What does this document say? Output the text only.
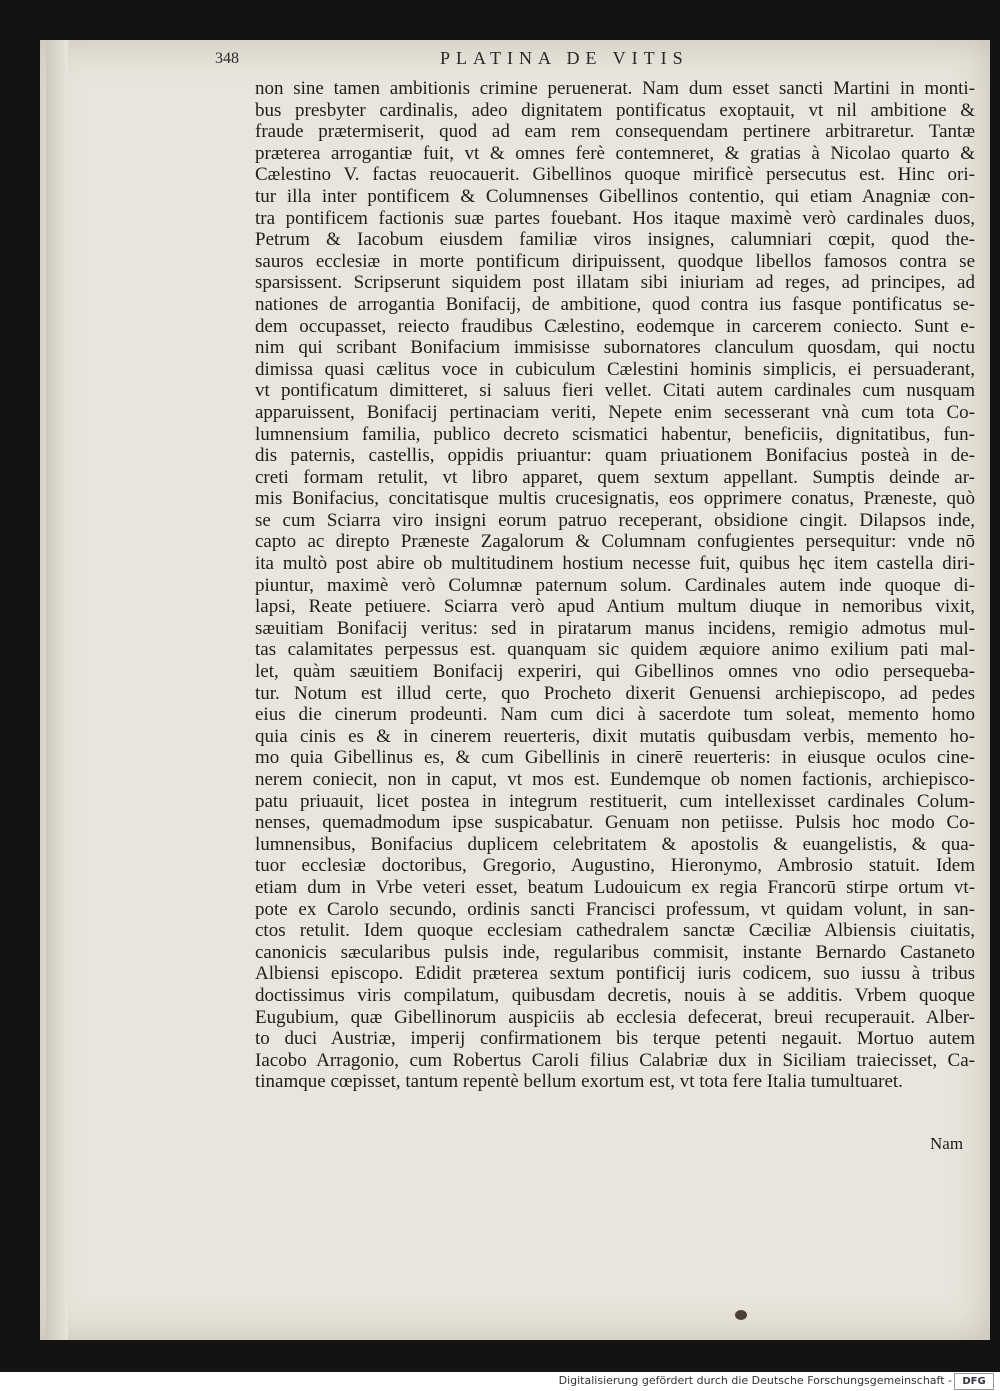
348	PLATINA DE VITIS
non sine tamen ambitionis crimine peruenerat. Nam dum esset sancti Martini in monti-
bus presbyter cardinalis, adeo dignitatem pontificatus exoptauit, vt nil ambitione &
fraude prætermiserit, quod ad eam rem consequendam pertinere arbitraretur. Tantæ
præterea arrogantiæ fuit, vt & omnes ferè contemneret, & gratias à Nicolao quarto &
Cælestino V. factas reuocauerit. Gibellinos quoque mirificè persecutus est. Hinc ori-
tur illa inter pontificem & Columnenses Gibellinos contentio, qui etiam Anagniæ con-
tra pontificem factionis suæ partes fouebant. Hos itaque maximè verò cardinales duos,
Petrum & Iacobum eiusdem familiæ viros insignes, calumniari cœpit, quod the-
sauros ecclesiæ in morte pontificum diripuissent, quodque libellos famosos contra se
sparsissent. Scripserunt siquidem post illatam sibi iniuriam ad reges, ad principes, ad
nationes de arrogantia Bonifacij, de ambitione, quod contra ius fasque pontificatus se-
dem occupasset, reiecto fraudibus Cælestino, eodemque in carcerem coniecto. Sunt e-
nim qui scribant Bonifacium immisisse subornatores clanculum quosdam, qui noctu
dimissa quasi cælitus voce in cubiculum Cælestini hominis simplicis, ei persuaderant,
vt pontificatum dimitteret, si saluus fieri vellet. Citati autem cardinales cum nusquam
apparuissent, Bonifacij pertinaciam veriti, Nepete enim secesserant vnà cum tota Co-
lumnensium familia, publico decreto scismatici habentur, beneficiis, dignitatibus, fun-
dis paternis, castellis, oppidis priuantur: quam priuationem Bonifacius posteà in de-
creti formam retulit, vt libro apparet, quem sextum appellant. Sumptis deinde ar-
mis Bonifacius, concitatisque multis crucesignatis, eos opprimere conatus, Præneste, quò
se cum Sciarra viro insigni eorum patruo receperant, obsidione cingit. Dilapsos inde,
capto ac direpto Præneste Zagalorum & Columnam confugientes persequitur: vnde nō
ita multò post abire ob multitudinem hostium necesse fuit, quibus hęc item castella diri-
piuntur, maximè verò Columnæ paternum solum. Cardinales autem inde quoque di-
lapsi, Reate petiuere. Sciarra verò apud Antium multum diuque in nemoribus vixit,
sæuitiam Bonifacij veritus: sed in piratarum manus incidens, remigio admotus mul-
tas calamitates perpessus est. quanquam sic quidem æquiore animo exilium pati mal-
let, quàm sæuitiem Bonifacij experiri, qui Gibellinos omnes vno odio persequeba-
tur. Notum est illud certe, quo Procheto dixerit Genuensi archiepiscopo, ad pedes
eius die cinerum prodeunti. Nam cum dici à sacerdote tum soleat, memento homo
quia cinis es & in cinerem reuerteris, dixit mutatis quibusdam verbis, memento ho-
mo quia Gibellinus es, & cum Gibellinis in cinerē reuerteris: in eiusque oculos cine-
nerem coniecit, non in caput, vt mos est. Eundemque ob nomen factionis, archiepisco-
patu priuauit, licet postea in integrum restituerit, cum intellexisset cardinales Colum-
nenses, quemadmodum ipse suspicabatur. Genuam non petiisse. Pulsis hoc modo Co-
lumnensibus, Bonifacius duplicem celebritatem & apostolis & euangelistis, & qua-
tuor ecclesiæ doctoribus, Gregorio, Augustino, Hieronymo, Ambrosio statuit. Idem
etiam dum in Vrbe veteri esset, beatum Ludouicum ex regia Francorū stirpe ortum vt-
pote ex Carolo secundo, ordinis sancti Francisci professum, vt quidam volunt, in san-
ctos retulit. Idem quoque ecclesiam cathedralem sanctæ Cæciliæ Albiensis ciuitatis,
canonicis sæcularibus pulsis inde, regularibus commisit, instante Bernardo Castaneto
Albiensi episcopo. Edidit præterea sextum pontificij iuris codicem, suo iussu à tribus
doctissimus viris compilatum, quibusdam decretis, nouis à se additis. Vrbem quoque
Eugubium, quæ Gibellinorum auspiciis ab ecclesia defecerat, breui recuperauit. Alber-
to duci Austriæ, imperij confirmationem bis terque petenti negauit. Mortuo autem
Iacobo Arragonio, cum Robertus Caroli filius Calabriæ dux in Siciliam traiecisset, Ca-
tinamque cœpisset, tantum repentè bellum exortum est, vt tota fere Italia tumultuaret.
Nam
Digitalisierung gefördert durch die Deutsche Forschungsgemeinschaft -	DFG
